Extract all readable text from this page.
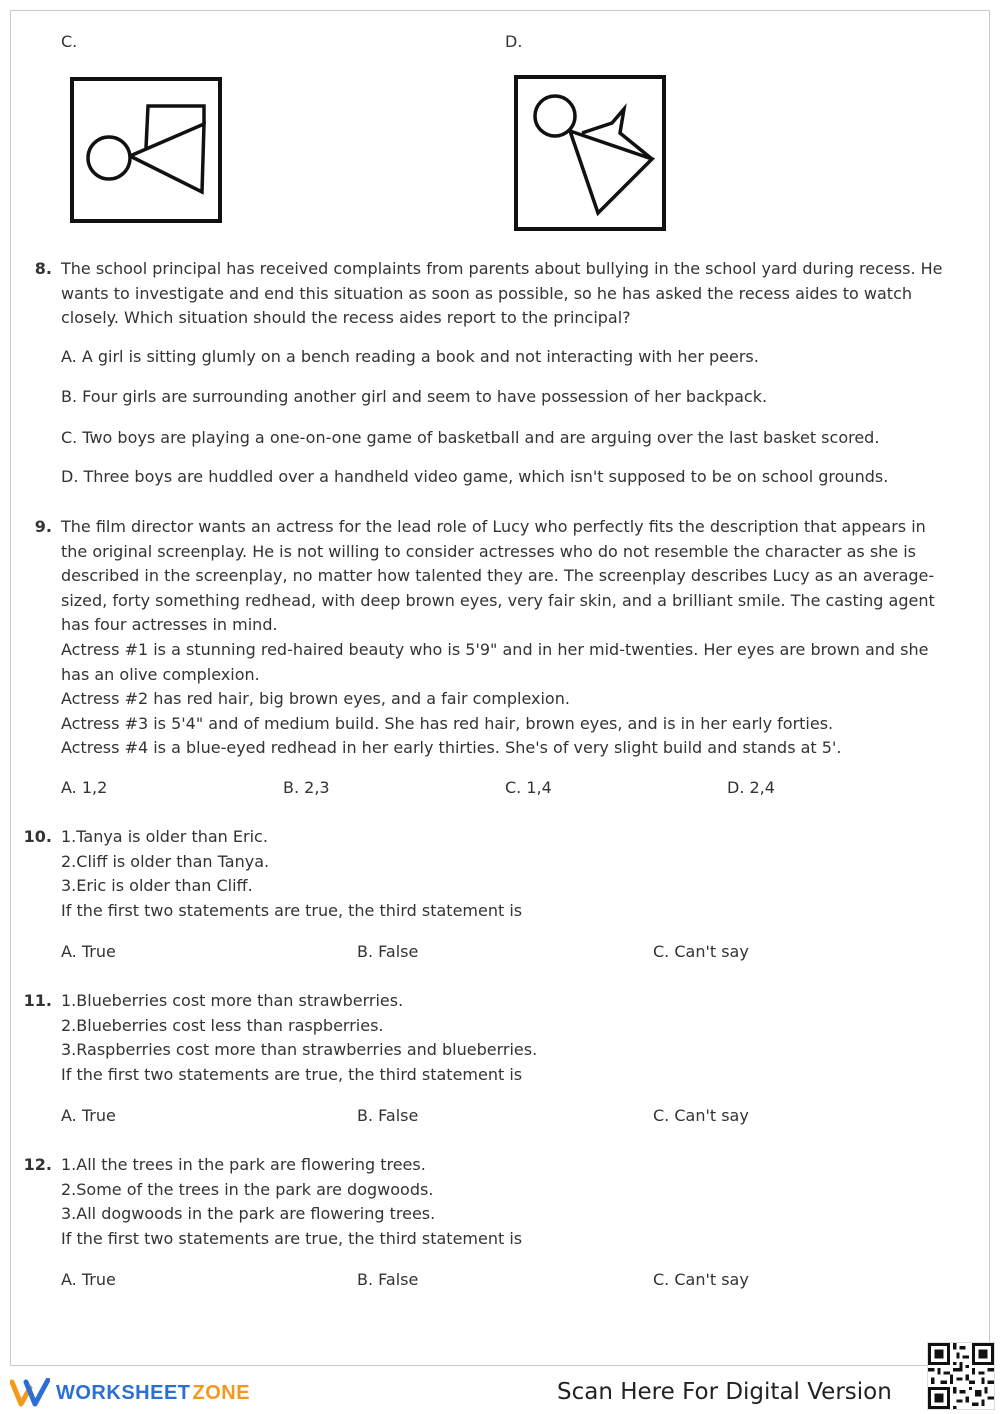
C.	D.
8. The school principal has received complaints from parents about bullying in the school yard during recess. He
wants to investigate and end this situation as soon as possible, so he has asked the recess aides to watch
closely. Which situation should the recess aides report to the principal?
A. A girl is sitting glumly on a bench reading a book and not interacting with her peers.
B. Four girls are surrounding another girl and seem to have possession of her backpack.
C. Two boys are playing a one-on-one game of basketball and are arguing over the last basket scored.
D. Three boys are huddled over a handheld video game, which isn't supposed to be on school grounds.
9. The film director wants an actress for the lead role of Lucy who perfectly fits the description that appears in
the original screenplay. He is not willing to consider actresses who do not resemble the character as she is
described in the screenplay, no matter how talented they are. The screenplay describes Lucy as an average-
sized, forty something redhead, with deep brown eyes, very fair skin, and a brilliant smile. The casting agent
has four actresses in mind.
Actress #1 is a stunning red-haired beauty who is 5'9" and in her mid-twenties. Her eyes are brown and she
has an olive complexion.
Actress #2 has red hair, big brown eyes, and a fair complexion.
Actress #3 is 5'4" and of medium build. She has red hair, brown eyes, and is in her early forties.
Actress #4 is a blue-eyed redhead in her early thirties. She's of very slight build and stands at 5'.
A. 1,2	B. 2,3	C. 1,4	D. 2,4
10. 1.Tanya is older than Eric.
2.Cliff is older than Tanya.
3.Eric is older than Cliff.
If the first two statements are true, the third statement is
A. True	B. False	C. Can't say
11. 1.Blueberries cost more than strawberries.
2.Blueberries cost less than raspberries.
3.Raspberries cost more than strawberries and blueberries.
If the first two statements are true, the third statement is
A. True	B. False	C. Can't say
12. 1.All the trees in the park are flowering trees.
2.Some of the trees in the park are dogwoods.
3.All dogwoods in the park are flowering trees.
If the first two statements are true, the third statement is
A. True	B. False	C. Can't say
WORKSHEET ZONE	Scan Here For Digital Version
